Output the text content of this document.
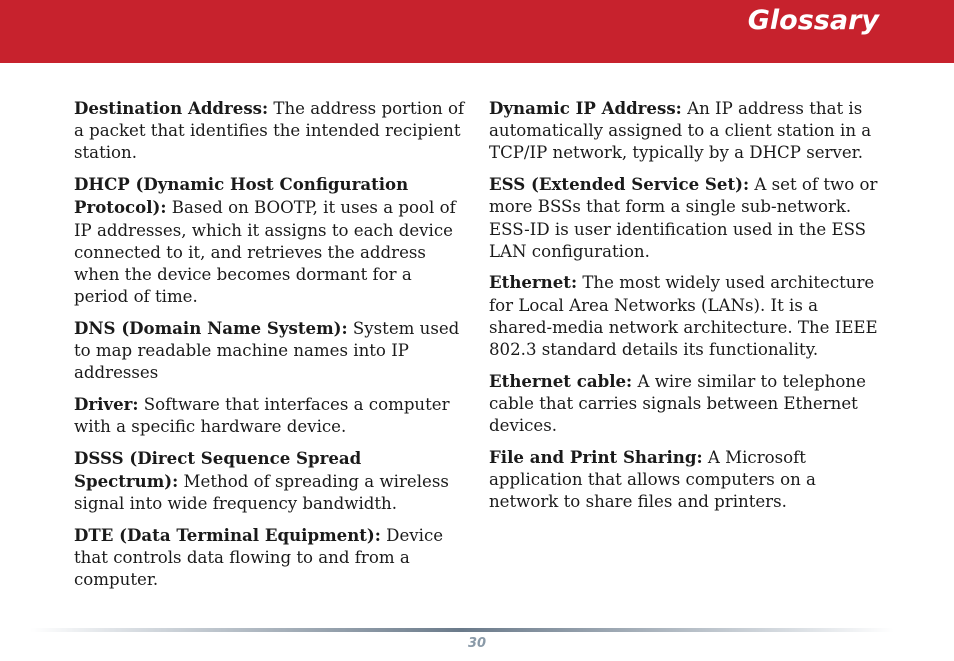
Glossary

Destination Address: The address portion of a packet that identifies the intended recipient station.

DHCP (Dynamic Host Configuration Protocol): Based on BOOTP, it uses a pool of IP addresses, which it assigns to each device connected to it, and retrieves the address when the device becomes dormant for a period of time.

DNS (Domain Name System): System used to map readable machine names into IP addresses

Driver: Software that interfaces a computer with a specific hardware device.

DSSS (Direct Sequence Spread Spectrum): Method of spreading a wireless signal into wide frequency bandwidth.

DTE (Data Terminal Equipment): Device that controls data flowing to and from a computer.

Dynamic IP Address: An IP address that is automatically assigned to a client station in a TCP/IP network, typically by a DHCP server.

ESS (Extended Service Set): A set of two or more BSSs that form a single sub-network. ESS-ID is user identification used in the ESS LAN configuration.

Ethernet: The most widely used architecture for Local Area Networks (LANs). It is a shared-media network architecture. The IEEE 802.3 standard details its functionality.

Ethernet cable: A wire similar to telephone cable that carries signals between Ethernet devices.

File and Print Sharing: A Microsoft application that allows computers on a network to share files and printers.

30
